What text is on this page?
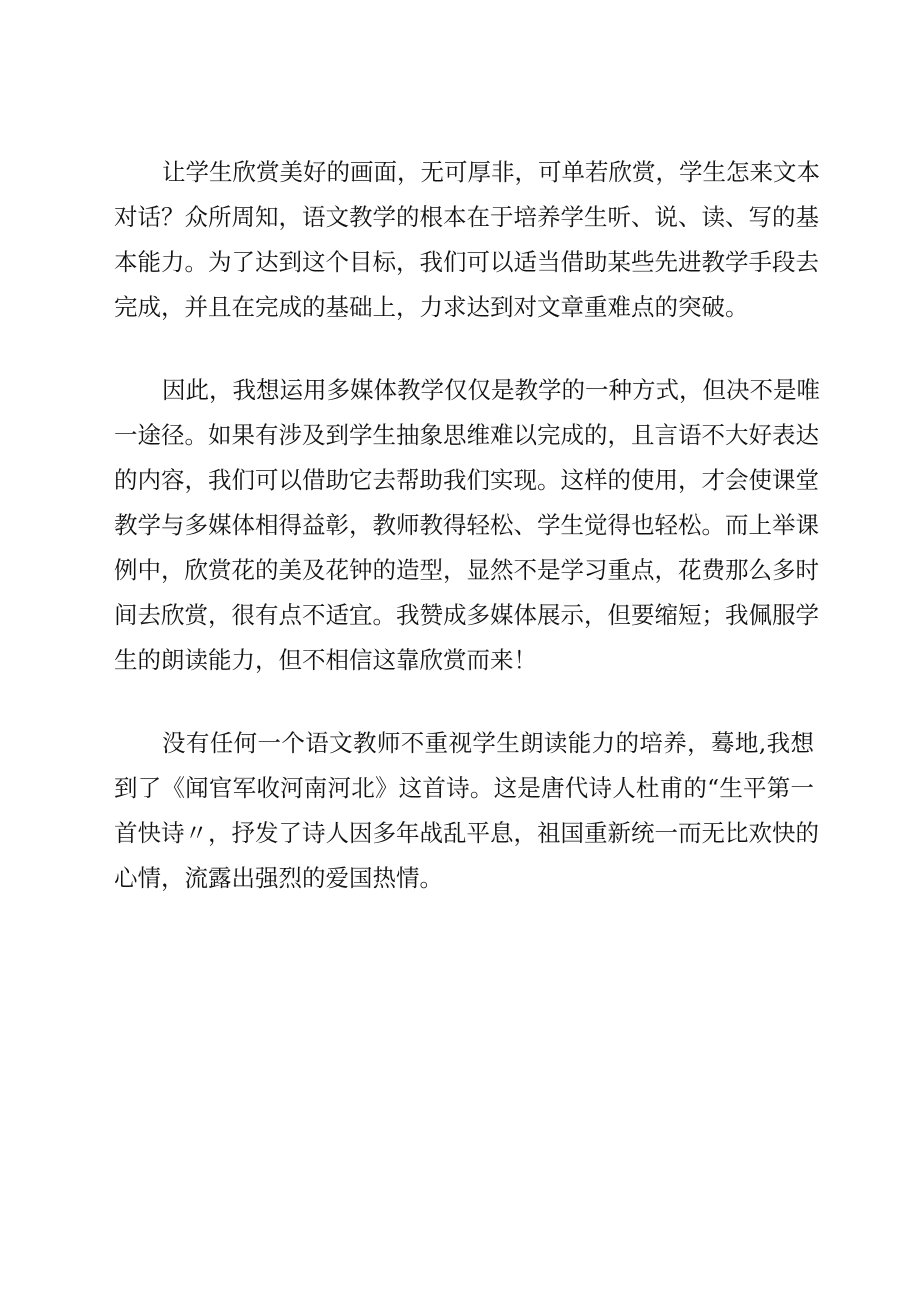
让学生欣赏美好的画面，无可厚非，可单若欣赏，学生怎来文本
对话？众所周知，语文教学的根本在于培养学生听、说、读、写的基
本能力。为了达到这个目标，我们可以适当借助某些先进教学手段去
完成，并且在完成的基础上，力求达到对文章重难点的突破。

因此，我想运用多媒体教学仅仅是教学的一种方式，但决不是唯
一途径。如果有涉及到学生抽象思维难以完成的，且言语不大好表达
的内容，我们可以借助它去帮助我们实现。这样的使用，才会使课堂
教学与多媒体相得益彰，教师教得轻松、学生觉得也轻松。而上举课
例中，欣赏花的美及花钟的造型，显然不是学习重点，花费那么多时
间去欣赏，很有点不适宜。我赞成多媒体展示，但要缩短；我佩服学
生的朗读能力，但不相信这靠欣赏而来！

没有任何一个语文教师不重视学生朗读能力的培养，蓦地,我想
到了《闻官军收河南河北》这首诗。这是唐代诗人杜甫的“生平第一
首快诗〃，抒发了诗人因多年战乱平息，祖国重新统一而无比欢快的
心情，流露出强烈的爱国热情。
